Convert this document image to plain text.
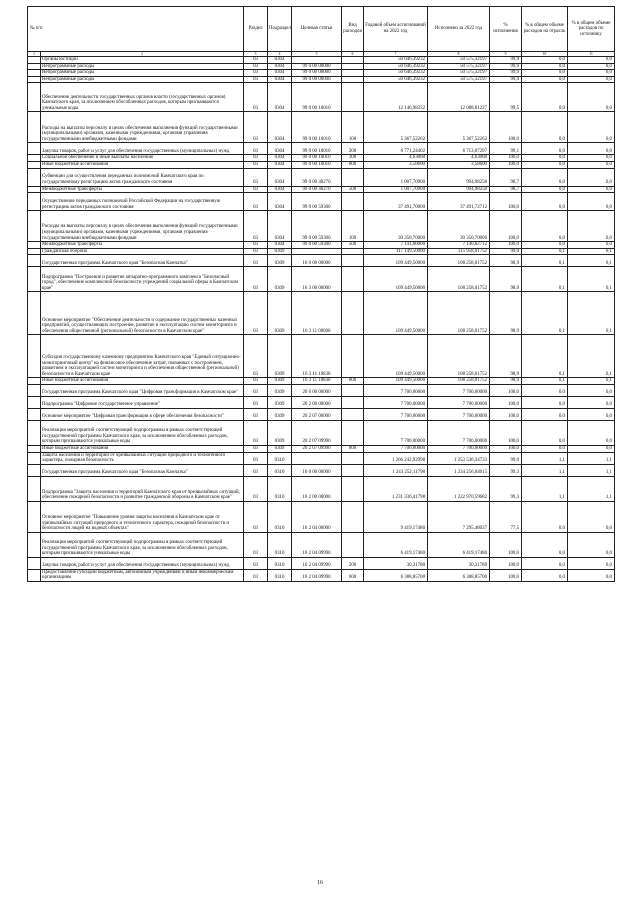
№ п/п		Раздел	Подраздел	Целевая статья	Вид расходов	Годовой объем ассигнований на 2022 год	Исполнено за 2022 год	% исполнения	% в общем объеме расходов на отрасль	% в общем объеме расходов по источнику
1	2	3	4	5	6	7	8	9	10	11
	Органы юстиции	03	0304			50 646,39232	50 575,32197	99,9	0,0	0,0
	Непрограммные расходы	03	0304	99 0 00 00000		50 646,39232	50 575,32197	99,9	0,0	0,0
	Непрограммные расходы	03	0304	99 0 00 00000		50 646,39232	50 575,32197	99,9	0,0	0,0
	Непрограммные расходы	03	0304	99 0 00 00000		50 646,39232	50 575,32197	99,9	0,0	0,0
	Обеспечение деятельности государственных органов власти (государственных органов) Камчатского края, за исключением обособленных расходов, которым присваиваются уникальные коды	03	0304	99 0 00 10010		12 146,98332	12 088,61227	99,5	0,0	0,0
	Расходы на выплаты персоналу в целях обеспечения выполнения функций государственными (муниципальными) органами, казенными учреждениями, органами управления государственными внебюджетными фондами	03	0304	99 0 00 10010	100	5 367,52262	5 367,52262	100,0	0,0	0,0
	Закупка товаров, работ и услуг для обеспечения государственных (муниципальных) нужд	03	0304	99 0 00 10010	200	6 771,24402	6 713,07297	99,1	0,0	0,0
	Социальное обеспечение и иные выплаты населению	03	0304	99 0 00 10010	300	4,63068	4,63068	100,0	0,0	0,0
	Иные бюджетные ассигнования	03	0304	99 0 00 10010	800	3,58600	3,58600	100,0	0,0	0,0
	Субвенции для осуществления переданных полномочий Камчатского края по государственному регистрацию актов гражданского состояния	03	0304	99 0 00 40270		1 007,70900	994,98258	98,7	0,0	0,0
	Межбюджетные трансферты	03	0304	99 0 00 40270	500	1 007,70900	994,98258	98,7	0,0	0,0
	Осуществление переданных полномочий Российской Федерации на государственную регистрацию актов гражданского состояния	03	0304	99 0 00 59300		37 491,70000	37 491,72712	100,0	0,0	0,0
	Расходы на выплаты персоналу в целях обеспечения выполнения функций государственными (муниципальными) органами, казенными учреждениями, органами управления государственными внебюджетными фондами	03	0304	99 0 00 59300	100	30 350,70000	30 350,70000	100,0	0,0	0,0
	Межбюджетные трансферты	03	0304	99 0 00 59300	500	7 141,00000	7 140,82712	100,0	0,0	0,0
	Гражданская оборона	03	0309			117 149,50000	115 958,01752	99,0	0,1	0,1
	Государственная программа Камчатского края "Безопасная Камчатка"	03	0309	16 0 00 00000		109 449,50000	108 258,01752	98,9	0,1	0,1
	Подпрограмма "Построение и развитие аппаратно-программного комплекса "Безопасный город", обеспечение комплексной безопасности учреждений социальной сферы в Камчатском крае"	03	0309	16 3 00 00000		109 449,50000	108 258,01752	98,9	0,1	0,1
	Основное мероприятие "Обеспечение деятельности и содержание государственных казенных предприятий, осуществляющих построение, развитие и эксплуатацию систем мониторинга и обеспечения общественной (региональной) безопасности в Камчатском крае"	03	0309	16 3 11 00000		109 449,50000	108 258,01752	98,9	0,1	0,1
	Субсидия государственному казенному предприятию Камчатского края "Единый ситуационно-мониторинговый центр" на финансовое обеспечение затрат, связанных с построением, развитием и эксплуатацией систем мониторинга и обеспечения общественной (региональной) безопасности в Камчатском крае	03	0309	16 3 11 10830		109 449,50000	108 258,01752	98,9	0,1	0,1
	Иные бюджетные ассигнования	03	0309	16 3 11 10830	800	109 449,50000	108 258,01752	98,9	0,1	0,1
	Государственная программа Камчатского края "Цифровая трансформация в Камчатском крае"	03	0309	20 0 00 00000		7 700,00000	7 700,00000	100,0	0,0	0,0
	Подпрограмма "Цифровое государственное управление"	03	0309	20 2 00 00000		7 700,00000	7 700,00000	100,0	0,0	0,0
	Основное мероприятие "Цифровая трансформация в сфере обеспечения безопасности"	03	0309	20 2 07 00000		7 700,00000	7 700,00000	100,0	0,0	0,0
	Реализация мероприятий соответствующей подпрограммы в рамках соответствующей государственной программы Камчатского края, за исключением обособленных расходов, которым присваиваются уникальные коды	03	0309	20 2 07 09990		7 700,00000	7 700,00000	100,0	0,0	0,0
	Иные бюджетные ассигнования	03	0309	20 2 07 09990	800	7 700,00000	7 700,00000	100,0	0,0	0,0
	Защита населения и территории от чрезвычайных ситуаций природного и техногенного характера, пожарная безопасность	03	0310			1 266 242,92998	1 253 536,34733	99,0	1,1	1,1
	Государственная программа Камчатского края "Безопасная Камчатка"	03	0310	16 0 00 00000		1 243 252,11798	1 234 256,04615	99,3	1,1	1,1
	Подпрограмма "Защита населения и территорий Камчатского края от чрезвычайных ситуаций, обеспечение пожарной безопасности и развитие гражданской обороны в Камчатском крае"	03	0310	16 2 00 00000		1 231 336,41798	1 222 970,59682	99,3	1,1	1,1
	Основное мероприятие "Повышение уровня защиты населения в Камчатском крае от чрезвычайных ситуаций природного и техногенного характера, пожарной безопасности и безопасности людей на водных объектах"	03	0310	16 2 04 00000		9 419,17480	7 295,48037	77,5	0,0	0,0
	Реализация мероприятий соответствующей подпрограммы в рамках соответствующей государственной программы Камчатского края, за исключением обособленных расходов, которым присваиваются уникальные коды	03	0310	16 2 04 09990		6 419,17480	6 419,17480	100,0	0,0	0,0
	Закупка товаров, работ и услуг для обеспечения государственных (муниципальных) нужд	03	0310	16 2 04 09990	200	30,31780	30,31780	100,0	0,0	0,0
	Предоставление субсидий бюджетным, автономным учреждениям и иным некоммерческим организациям	03	0310	16 2 04 09990	600	6 388,85700	6 388,85700	100,0	0,0	0,0
16
